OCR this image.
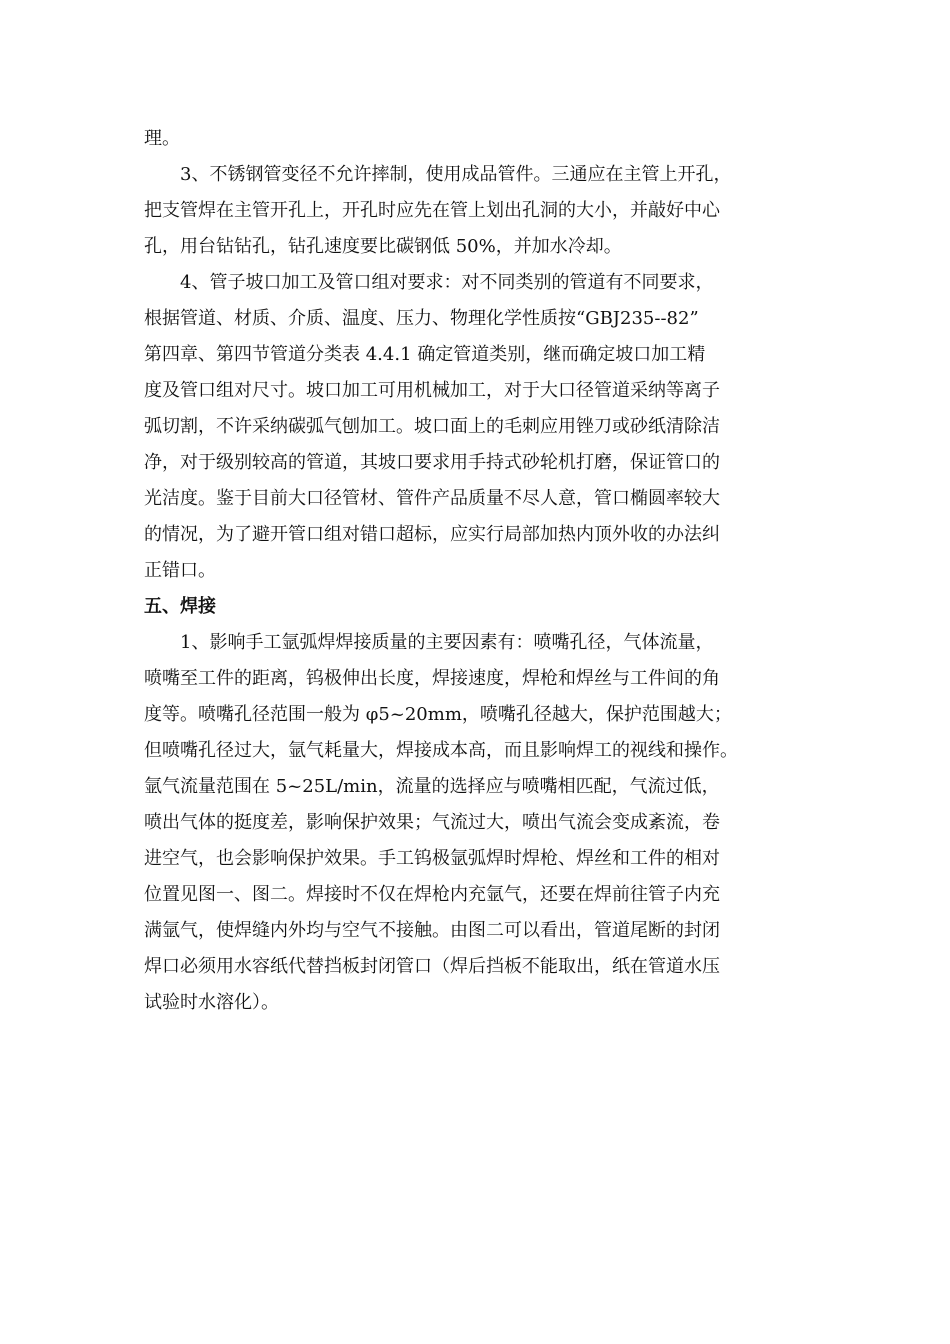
理。
3、不锈钢管变径不允许摔制，使用成品管件。三通应在主管上开孔，
把支管焊在主管开孔上，开孔时应先在管上划出孔洞的大小，并敲好中心
孔，用台钻钻孔，钻孔速度要比碳钢低 50%，并加水冷却。
4、管子坡口加工及管口组对要求：对不同类别的管道有不同要求，
根据管道、材质、介质、温度、压力、物理化学性质按“GBJ235--82”
第四章、第四节管道分类表 4.4.1 确定管道类别，继而确定坡口加工精
度及管口组对尺寸。坡口加工可用机械加工，对于大口径管道采纳等离子
弧切割，不许采纳碳弧气刨加工。坡口面上的毛刺应用锉刀或砂纸清除洁
净，对于级别较高的管道，其坡口要求用手持式砂轮机打磨，保证管口的
光洁度。鉴于目前大口径管材、管件产品质量不尽人意，管口椭圆率较大
的情况，为了避开管口组对错口超标，应实行局部加热内顶外收的办法纠
正错口。
五、焊接
1、影响手工氩弧焊焊接质量的主要因素有：喷嘴孔径，气体流量，
喷嘴至工件的距离，钨极伸出长度，焊接速度，焊枪和焊丝与工件间的角
度等。喷嘴孔径范围一般为 φ5~20mm，喷嘴孔径越大，保护范围越大；
但喷嘴孔径过大，氩气耗量大，焊接成本高，而且影响焊工的视线和操作。
氩气流量范围在 5~25L/min，流量的选择应与喷嘴相匹配，气流过低，
喷出气体的挺度差，影响保护效果；气流过大，喷出气流会变成紊流，卷
进空气，也会影响保护效果。手工钨极氩弧焊时焊枪、焊丝和工件的相对
位置见图一、图二。焊接时不仅在焊枪内充氩气，还要在焊前往管子内充
满氩气，使焊缝内外均与空气不接触。由图二可以看出，管道尾断的封闭
焊口必须用水容纸代替挡板封闭管口（焊后挡板不能取出，纸在管道水压
试验时水溶化）。
